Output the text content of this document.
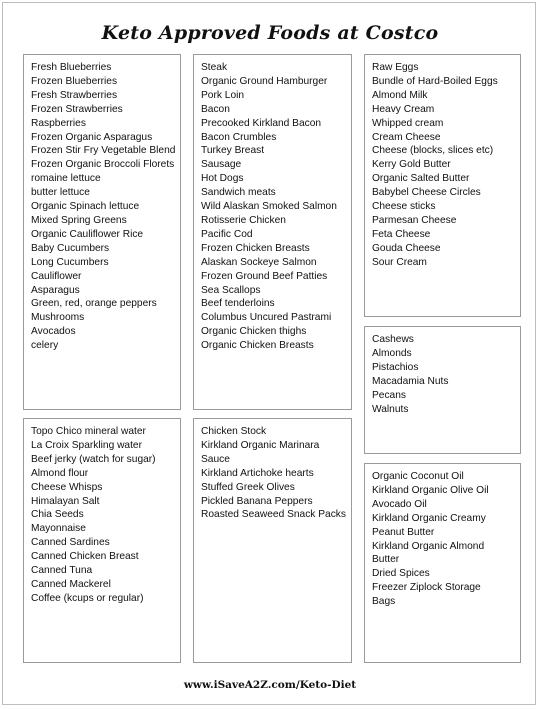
Keto Approved Foods at Costco
Fresh Blueberries
Frozen Blueberries
Fresh Strawberries
Frozen Strawberries
Raspberries
Frozen Organic Asparagus
Frozen Stir Fry Vegetable Blend
Frozen Organic Broccoli Florets
romaine lettuce
butter lettuce
Organic Spinach lettuce
Mixed Spring Greens
Organic Cauliflower Rice
Baby Cucumbers
Long Cucumbers
Cauliflower
Asparagus
Green, red, orange peppers
Mushrooms
Avocados
celery
Steak
Organic Ground Hamburger
Pork Loin
Bacon
Precooked Kirkland Bacon
Bacon Crumbles
Turkey Breast
Sausage
Hot Dogs
Sandwich meats
Wild Alaskan Smoked Salmon
Rotisserie Chicken
Pacific Cod
Frozen Chicken Breasts
Alaskan Sockeye Salmon
Frozen Ground Beef Patties
Sea Scallops
Beef tenderloins
Columbus Uncured Pastrami
Organic Chicken thighs
Organic Chicken Breasts
Raw Eggs
Bundle of Hard-Boiled Eggs
Almond Milk
Heavy Cream
Whipped cream
Cream Cheese
Cheese (blocks, slices etc)
Kerry Gold Butter
Organic Salted Butter
Babybel Cheese Circles
Cheese sticks
Parmesan Cheese
Feta Cheese
Gouda Cheese
Sour Cream
Cashews
Almonds
Pistachios
Macadamia Nuts
Pecans
Walnuts
Topo Chico mineral water
La Croix Sparkling water
Beef jerky (watch for sugar)
Almond flour
Cheese Whisps
Himalayan Salt
Chia Seeds
Mayonnaise
Canned Sardines
Canned Chicken Breast
Canned Tuna
Canned Mackerel
Coffee (kcups or regular)
Chicken Stock
Kirkland Organic Marinara
Sauce
Kirkland Artichoke hearts
Stuffed Greek Olives
Pickled Banana Peppers
Roasted Seaweed Snack Packs
Organic Coconut Oil
Kirkland Organic Olive Oil
Avocado Oil
Kirkland Organic Creamy
Peanut Butter
Kirkland Organic Almond
Butter
Dried Spices
Freezer Ziplock Storage
Bags
www.iSaveA2Z.com/Keto-Diet
